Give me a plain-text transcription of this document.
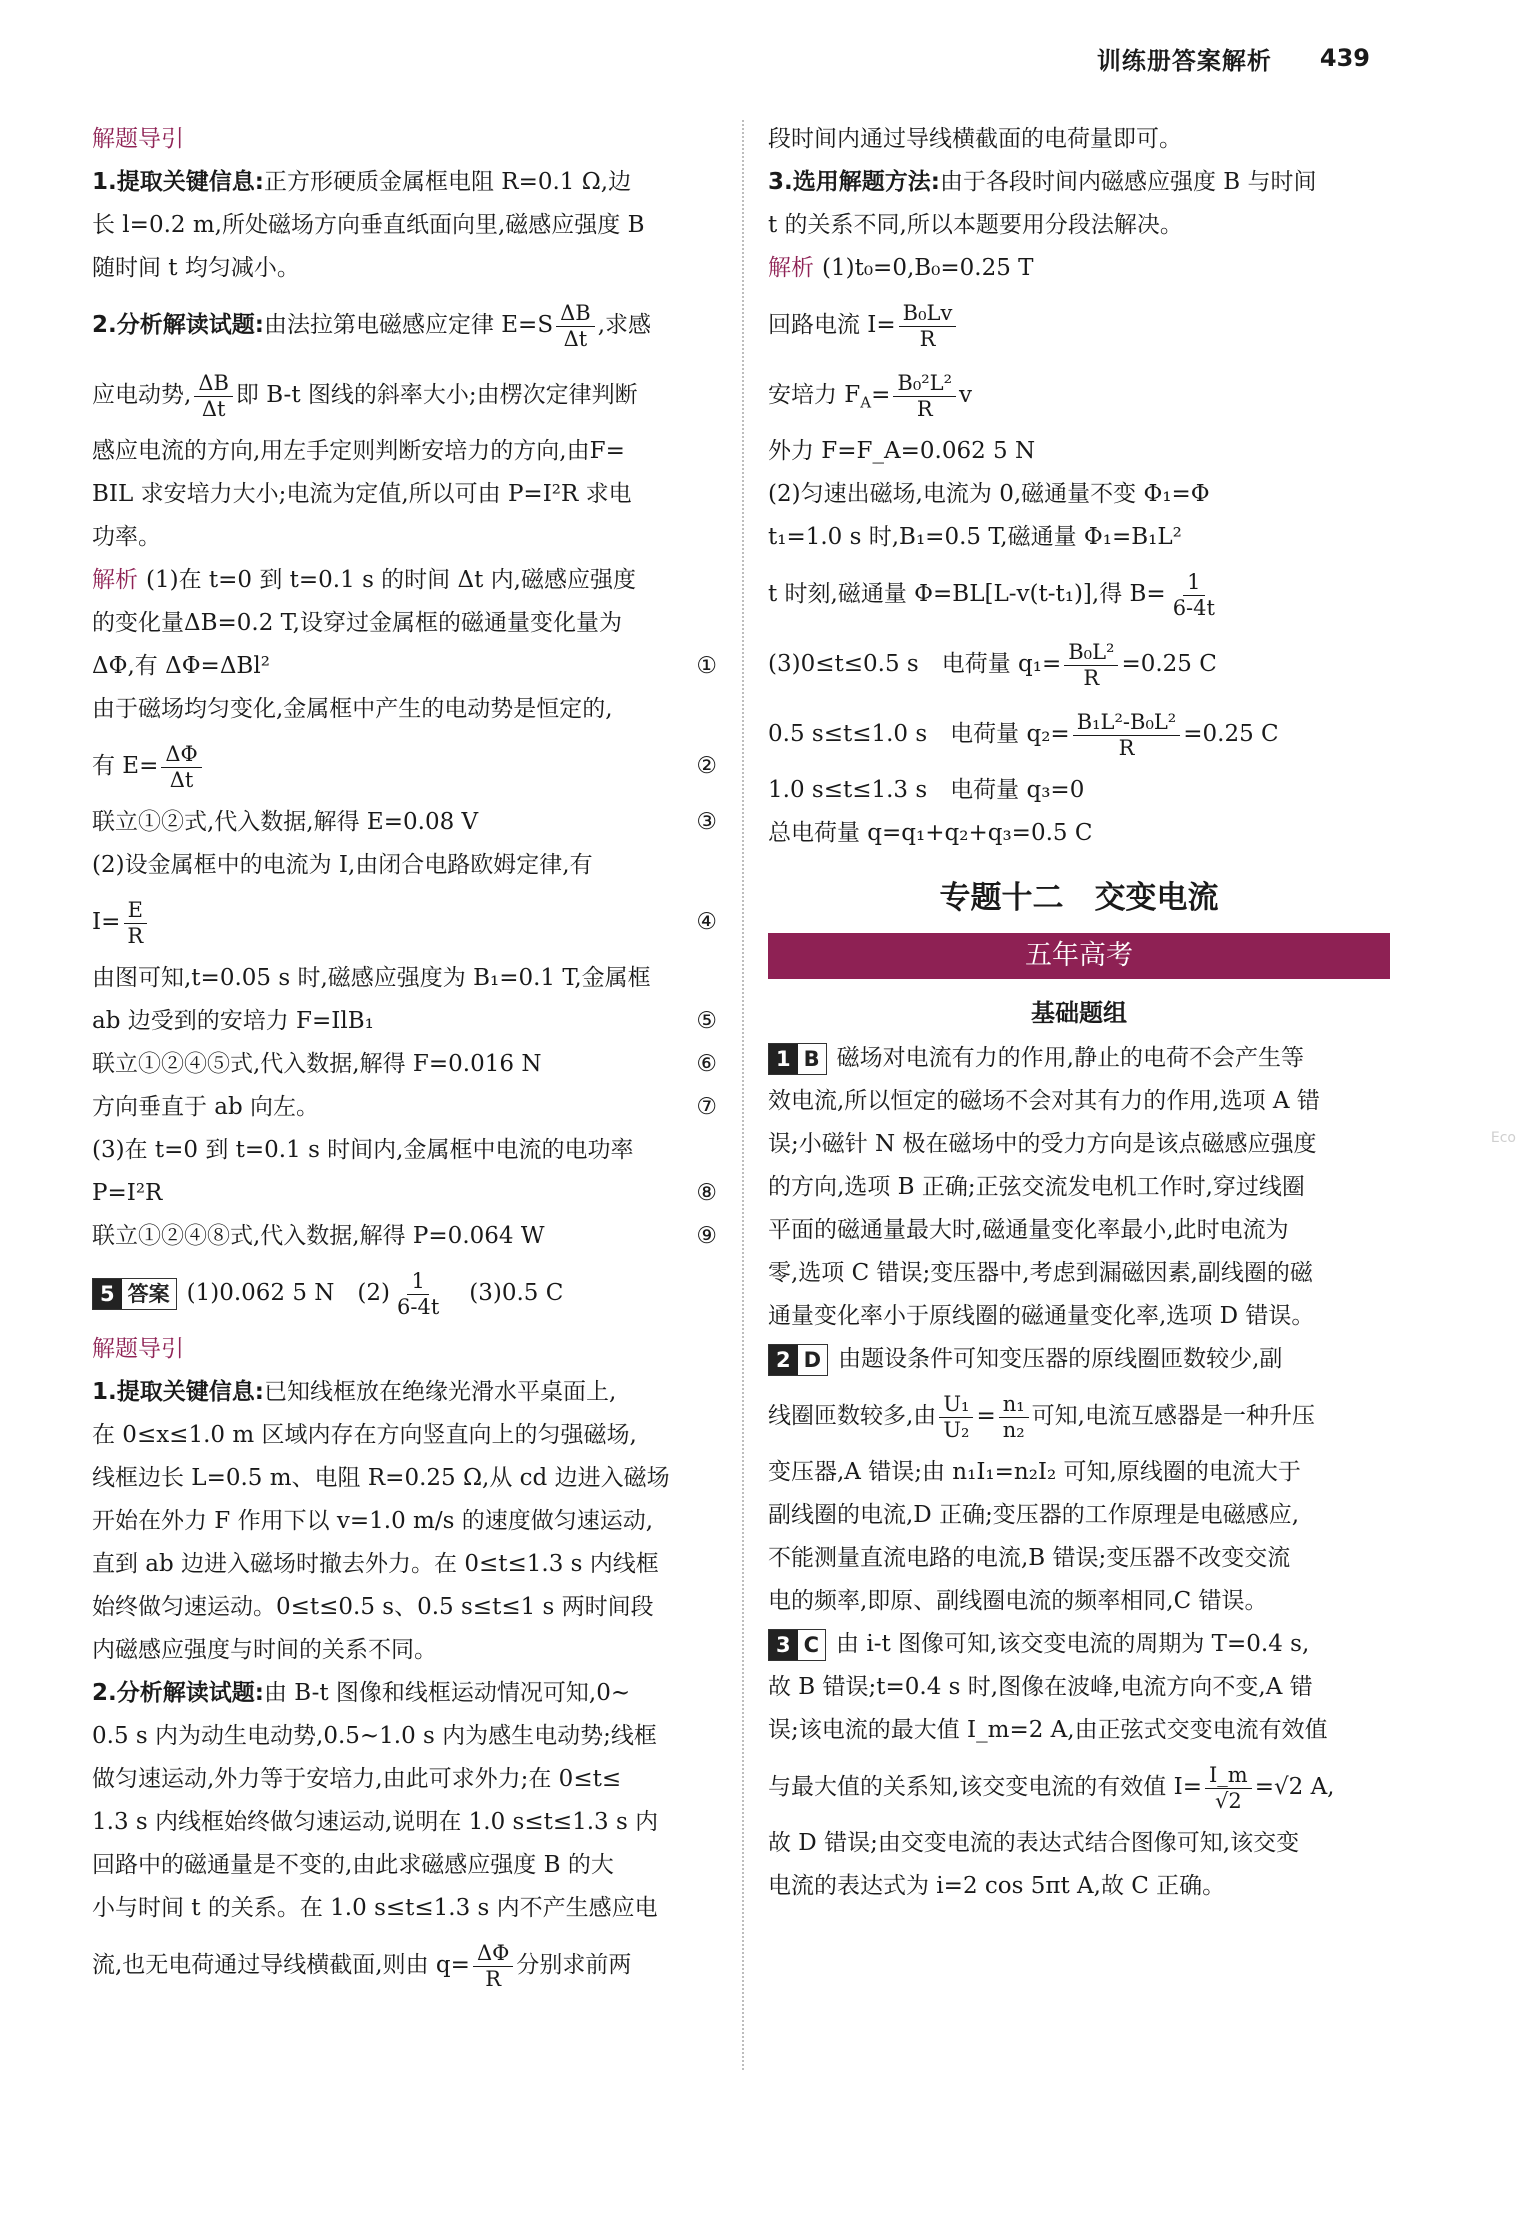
训练册答案解析 439
Eco
解题导引
1.提取关键信息:正方形硬质金属框电阻 R=0.1 Ω,边
长 l=0.2 m,所处磁场方向垂直纸面向里,磁感应强度 B
随时间 t 均匀减小。
2.分析解读试题:由法拉第电磁感应定律 $E=S \frac{\Delta B}{\Delta t}$ ,求感
应电动势, $\frac{\Delta B}{\Delta t}$ 即 B-t 图线的斜率大小;由楞次定律判断
感应电流的方向,用左手定则判断安培力的方向,由F=
BIL 求安培力大小;电流为定值,所以可由 P=I²R 求电
功率。
解析 (1)在 t=0 到 t=0.1 s 的时间 Δt 内,磁感应强度
的变化量ΔB=0.2 T,设穿过金属框的磁通量变化量为
ΔΦ,有 ΔΦ=ΔBl²	①
由于磁场均匀变化,金属框中产生的电动势是恒定的,
有 $E= \frac{\Delta\Phi}{\Delta t}$	②
联立①②式,代入数据,解得 E=0.08 V	③
(2)设金属框中的电流为 I,由闭合电路欧姆定律,有
$I= \frac{E}{R}$	④
由图可知,t=0.05 s 时,磁感应强度为 B₁=0.1 T,金属框
ab 边受到的安培力 F=IlB₁	⑤
联立①②④⑤式,代入数据,解得 F=0.016 N	⑥
方向垂直于 ab 向左。	⑦
(3)在 t=0 到 t=0.1 s 时间内,金属框中电流的电功率
P=I²R	⑧
联立①②④⑧式,代入数据,解得 P=0.064 W	⑨
5 答案 (1)0.062 5 N　$(2) \frac{1}{6-4t}$ 　(3)0.5 C
解题导引
1.提取关键信息:已知线框放在绝缘光滑水平桌面上,
在 0≤x≤1.0 m 区域内存在方向竖直向上的匀强磁场,
线框边长 L=0.5 m、电阻 R=0.25 Ω,从 cd 边进入磁场
开始在外力 F 作用下以 v=1.0 m/s 的速度做匀速运动,
直到 ab 边进入磁场时撤去外力。在 0≤t≤1.3 s 内线框
始终做匀速运动。0≤t≤0.5 s、0.5 s≤t≤1 s 两时间段
内磁感应强度与时间的关系不同。
2.分析解读试题:由 B-t 图像和线框运动情况可知,0~
0.5 s 内为动生电动势,0.5~1.0 s 内为感生电动势;线框
做匀速运动,外力等于安培力,由此可求外力;在 0≤t≤
1.3 s 内线框始终做匀速运动,说明在 1.0 s≤t≤1.3 s 内
回路中的磁通量是不变的,由此求磁感应强度 B 的大
小与时间 t 的关系。在 1.0 s≤t≤1.3 s 内不产生感应电
流,也无电荷通过导线横截面,则由 $q= \frac{\Delta\Phi}{R}$ 分别求前两
段时间内通过导线横截面的电荷量即可。
3.选用解题方法:由于各段时间内磁感应强度 B 与时间
t 的关系不同,所以本题要用分段法解决。
解析 (1)t₀=0,B₀=0.25 T
回路电流 $I= \frac{\text{B₀Lv}}{R}$
安培力 $F_A= \frac{\text{B₀²L²}}{R}$ v
外力 F=F_A=0.062 5 N
(2)匀速出磁场,电流为 0,磁通量不变 Φ₁=Φ
t₁=1.0 s 时,B₁=0.5 T,磁通量 Φ₁=B₁L²
t 时刻,磁通量 Φ=BL[L-v(t-t₁)],得 $B= \frac{1}{6-4t}$
(3)0≤t≤0.5 s　电荷量 $q_1= \frac{\text{B₀L²}}{R} =0.25$ C
0.5 s≤t≤1.0 s　电荷量 $q_2= \frac{\text{B₁L²-B₀L²}}{R} =0.25$ C
1.0 s≤t≤1.3 s　电荷量 q₃=0
总电荷量 q=q₁+q₂+q₃=0.5 C
专题十二　交变电流
五年高考
基础题组
1 B 磁场对电流有力的作用,静止的电荷不会产生等
效电流,所以恒定的磁场不会对其有力的作用,选项 A 错
误;小磁针 N 极在磁场中的受力方向是该点磁感应强度
的方向,选项 B 正确;正弦交流发电机工作时,穿过线圈
平面的磁通量最大时,磁通量变化率最小,此时电流为
零,选项 C 错误;变压器中,考虑到漏磁因素,副线圈的磁
通量变化率小于原线圈的磁通量变化率,选项 D 错误。
2 D 由题设条件可知变压器的原线圈匝数较少,副
线圈匝数较多,由 $\frac{\text{U₁}}{\text{U₂}} = \frac{\text{n₁}}{\text{n₂}}$ 可知,电流互感器是一种升压
变压器,A 错误;由 n₁I₁=n₂I₂ 可知,原线圈的电流大于
副线圈的电流,D 正确;变压器的工作原理是电磁感应,
不能测量直流电路的电流,B 错误;变压器不改变交流
电的频率,即原、副线圈电流的频率相同,C 错误。
3 C 由 i-t 图像可知,该交变电流的周期为 T=0.4 s,
故 B 错误;t=0.4 s 时,图像在波峰,电流方向不变,A 错
误;该电流的最大值 I_m=2 A,由正弦式交变电流有效值
与最大值的关系知,该交变电流的有效值 $I= \frac{I\_m}{√2} =√2$ A,
故 D 错误;由交变电流的表达式结合图像可知,该交变
电流的表达式为 i=2 cos 5πt A,故 C 正确。
